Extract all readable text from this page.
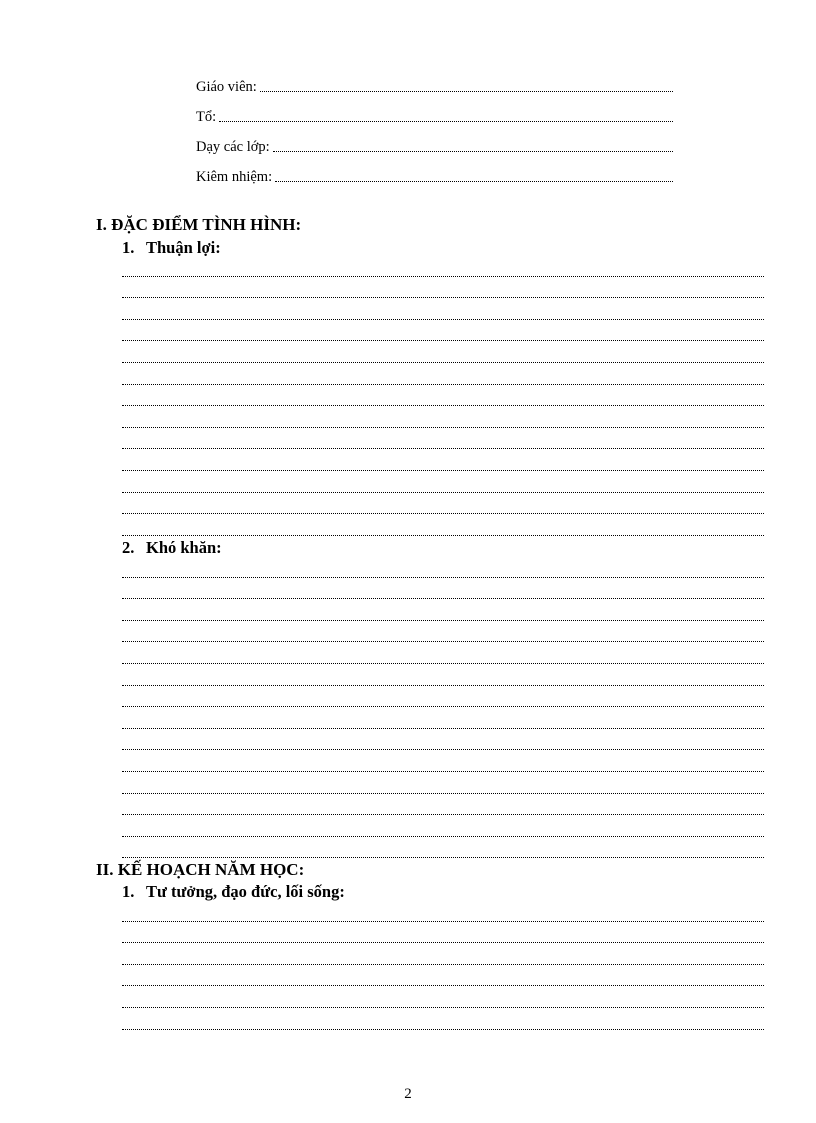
Giáo viên:
Tổ:
Dạy các lớp:
Kiêm nhiệm:
I. ĐẶC ĐIỂM TÌNH HÌNH:
1. Thuận lợi:
2. Khó khăn:
II. KẾ HOẠCH NĂM HỌC:
1. Tư tưởng, đạo đức, lối sống:
2
